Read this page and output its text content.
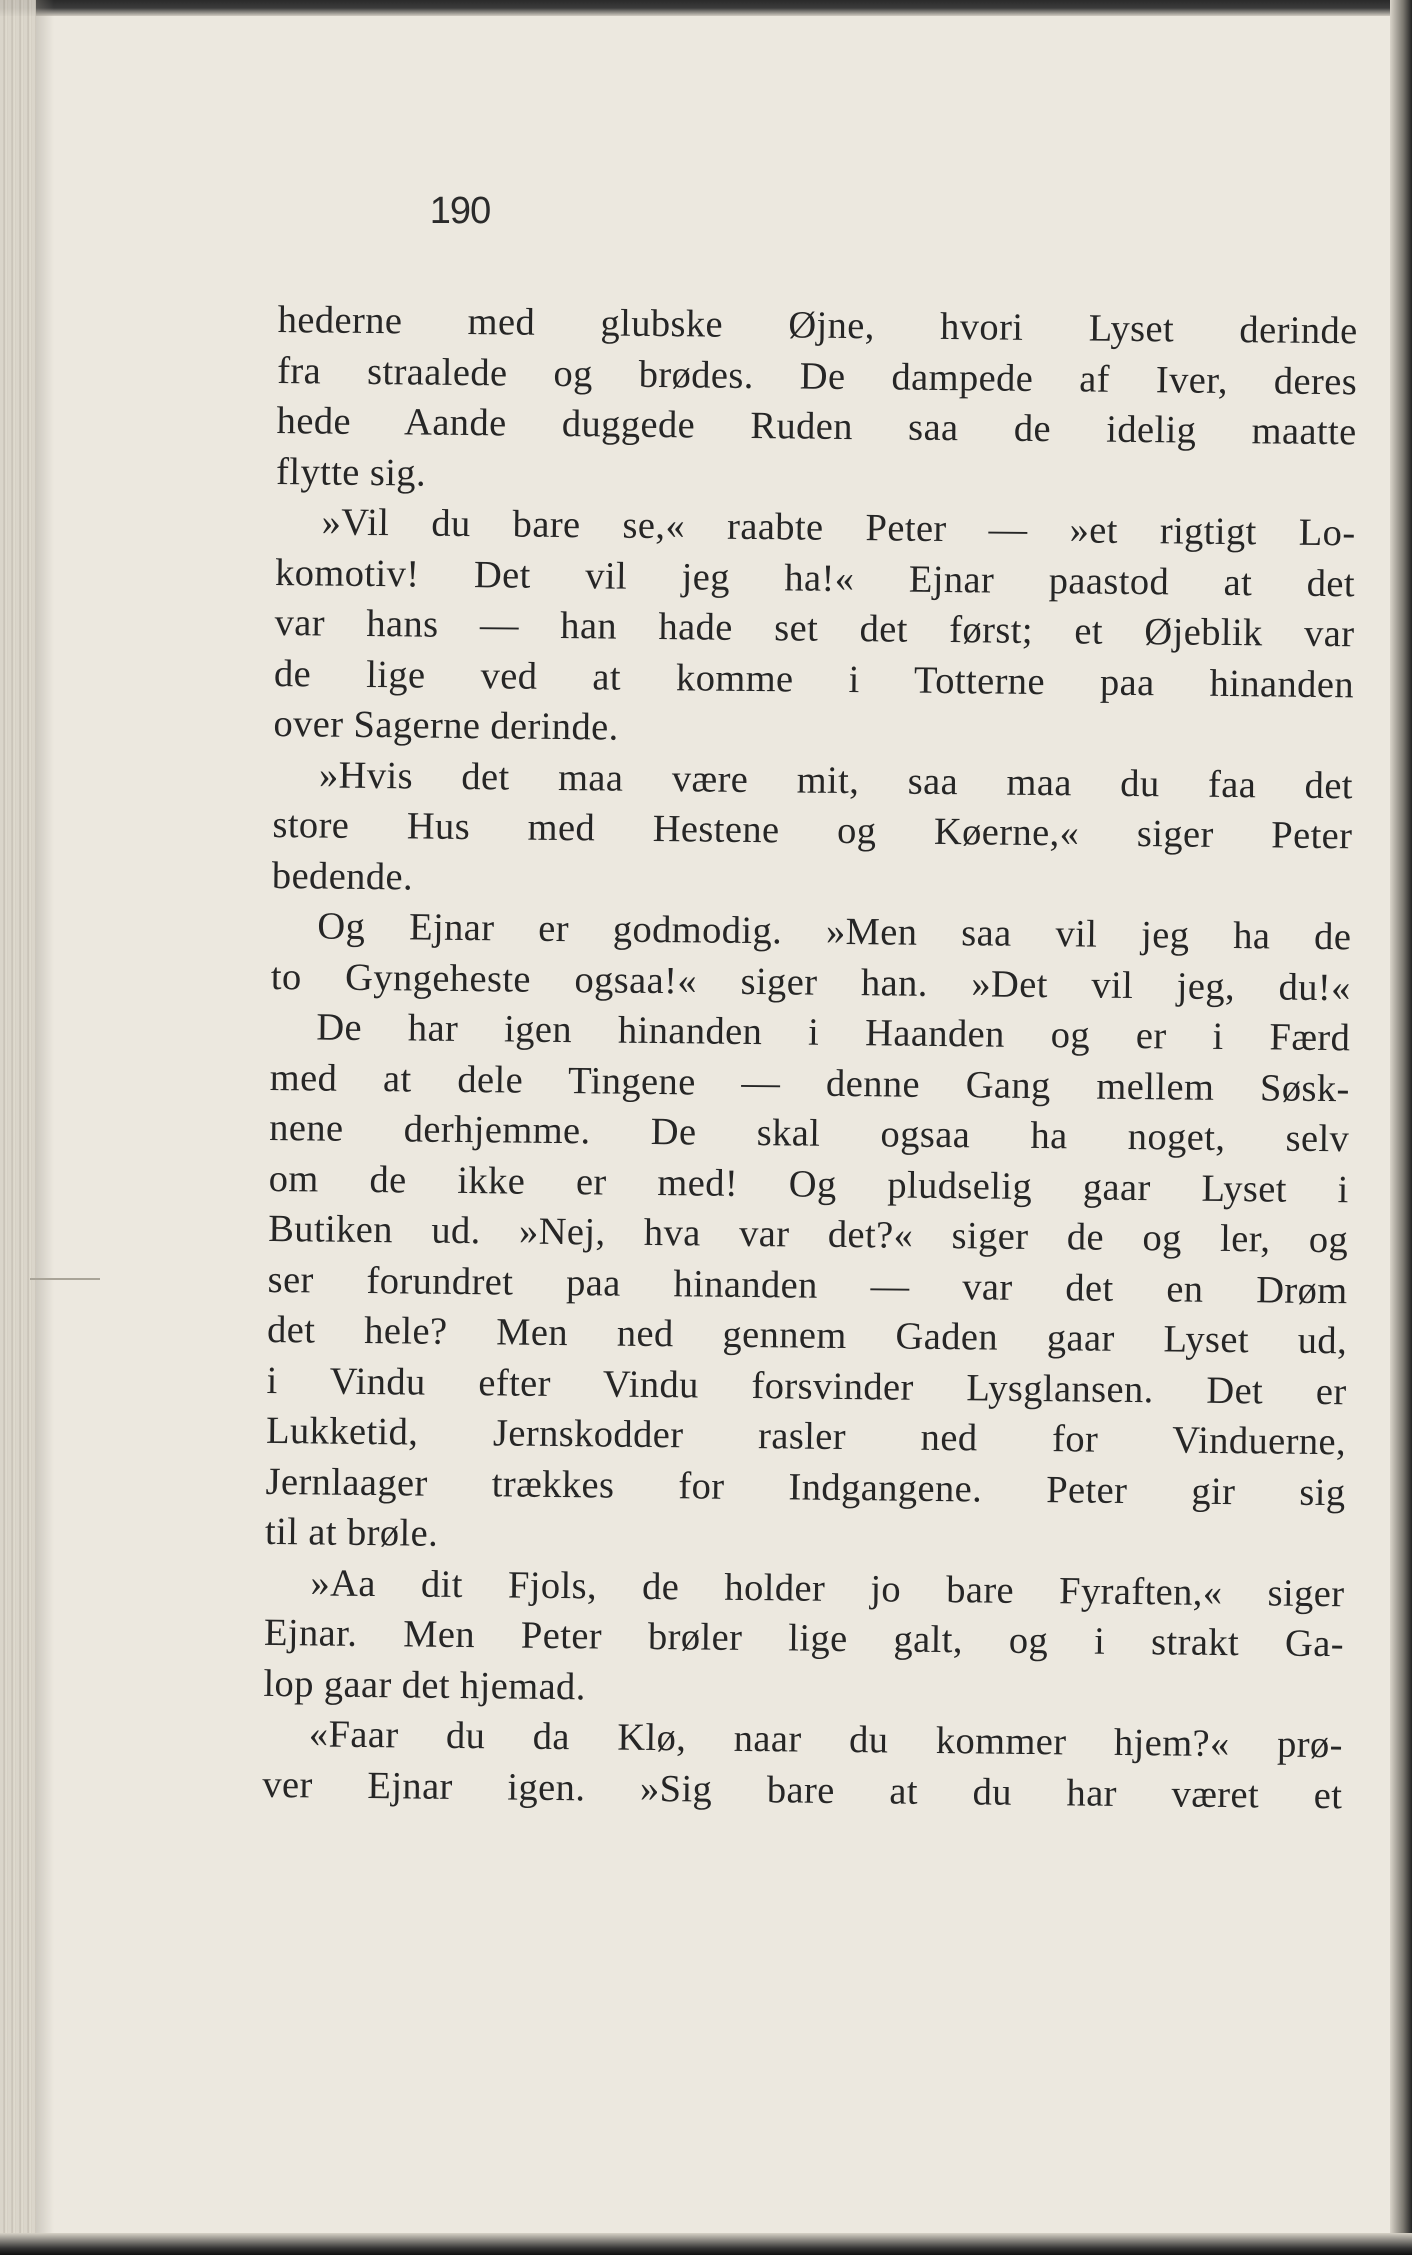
190
hederne med glubske Øjne, hvori Lyset derinde
fra straalede og brødes. De dampede af Iver, deres
hede Aande duggede Ruden saa de idelig maatte
flytte sig.
»Vil du bare se,« raabte Peter — »et rigtigt Lo-
komotiv! Det vil jeg ha!« Ejnar paastod at det
var hans — han hade set det først; et Øjeblik var
de lige ved at komme i Totterne paa hinanden
over Sagerne derinde.
»Hvis det maa være mit, saa maa du faa det
store Hus med Hestene og Køerne,« siger Peter
bedende.
Og Ejnar er godmodig. »Men saa vil jeg ha de
to Gyngeheste ogsaa!« siger han. »Det vil jeg, du!«
De har igen hinanden i Haanden og er i Færd
med at dele Tingene — denne Gang mellem Søsk-
nene derhjemme. De skal ogsaa ha noget, selv
om de ikke er med! Og pludselig gaar Lyset i
Butiken ud. »Nej, hva var det?« siger de og ler, og
ser forundret paa hinanden — var det en Drøm
det hele? Men ned gennem Gaden gaar Lyset ud,
i Vindu efter Vindu forsvinder Lysglansen. Det er
Lukketid, Jernskodder rasler ned for Vinduerne,
Jernlaager trækkes for Indgangene. Peter gir sig
til at brøle.
»Aa dit Fjols, de holder jo bare Fyraften,« siger
Ejnar. Men Peter brøler lige galt, og i strakt Ga-
lop gaar det hjemad.
«Faar du da Klø, naar du kommer hjem?« prø-
ver Ejnar igen. »Sig bare at du har været et
